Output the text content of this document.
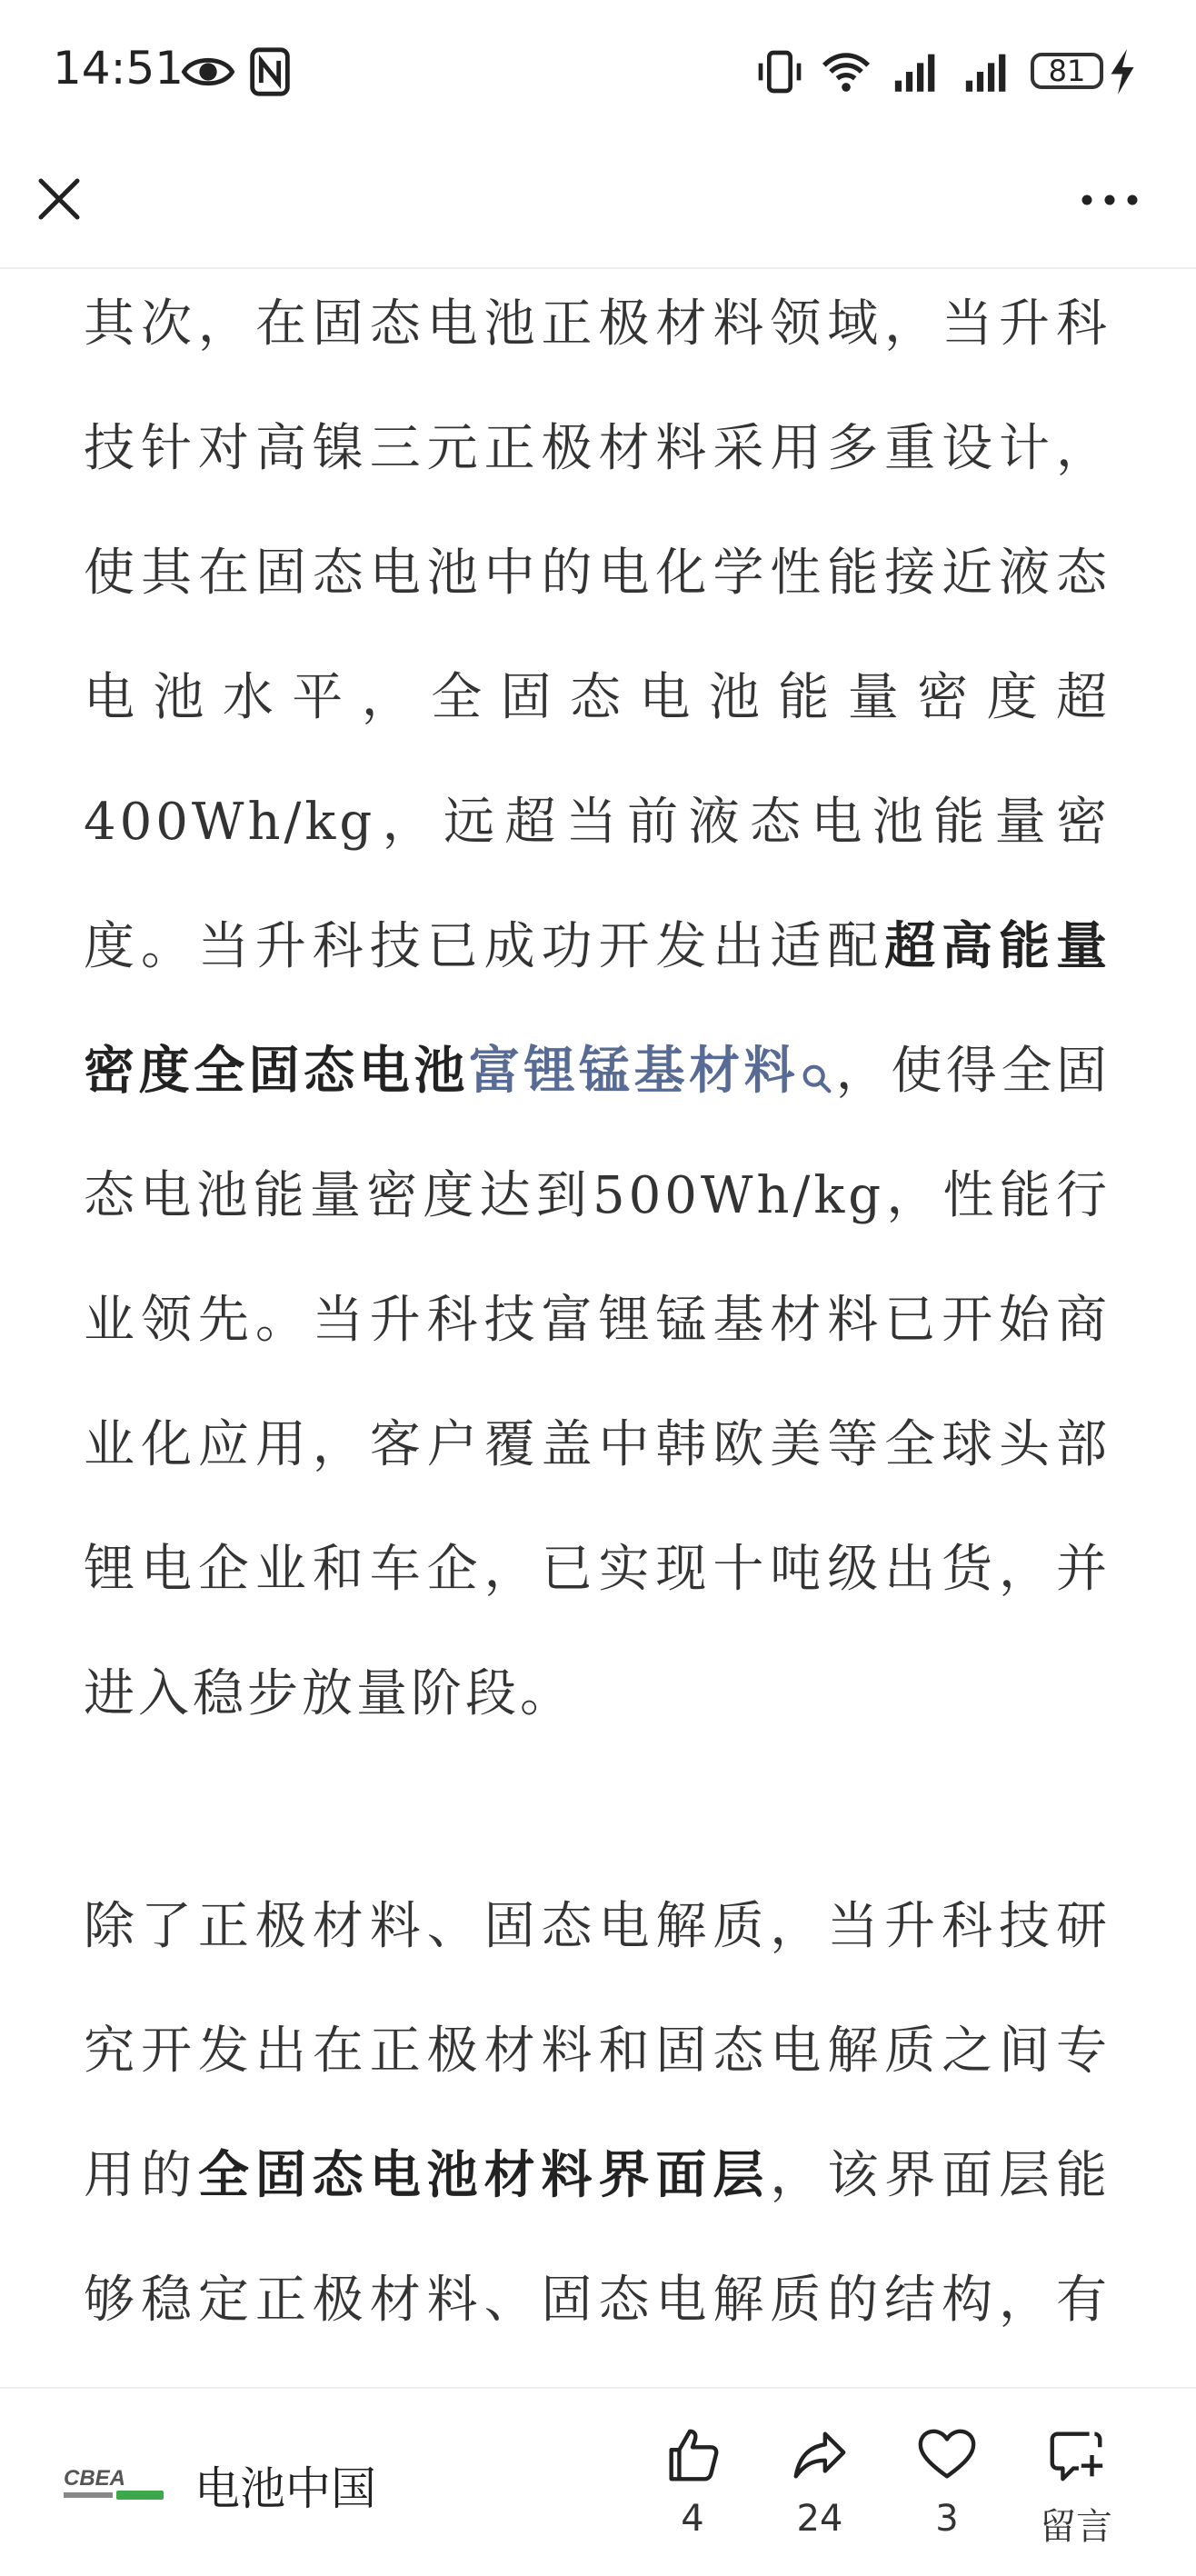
14:51	81

其次，在固态电池正极材料领域，当升科技针对高镍三元正极材料采用多重设计，使其在固态电池中的电化学性能接近液态电池水平，全固态电池能量密度超400Wh/kg，远超当前液态电池能量密度。当升科技已成功开发出适配超高能量密度全固态电池富锂锰基材料 ，使得全固态电池能量密度达到500Wh/kg，性能行业领先。当升科技富锂锰基材料已开始商业化应用，客户覆盖中韩欧美等全球头部锂电企业和车企，已实现十吨级出货，并进入稳步放量阶段。

除了正极材料、固态电解质，当升科技研究开发出在正极材料和固态电解质之间专用的全固态电池材料界面层，该界面层能够稳定正极材料、固态电解质的结构，有

CBEA 电池中国
4	24	3	留言
